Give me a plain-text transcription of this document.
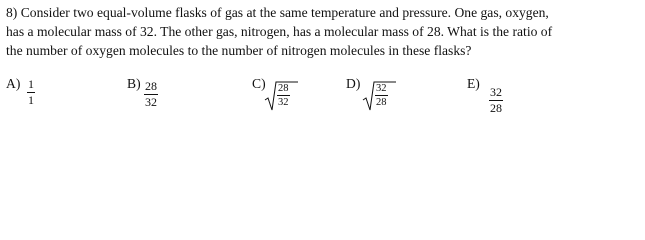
8) Consider two equal-volume flasks of gas at the same temperature and pressure. One gas, oxygen,

has a molecular mass of 32. The other gas, nitrogen, has a molecular mass of 28. What is the ratio of

the number of oxygen molecules to the number of nitrogen molecules in these flasks?

A) 1
1
B) 28
32
C) 28
32
D) 32
28
E)
32
28
